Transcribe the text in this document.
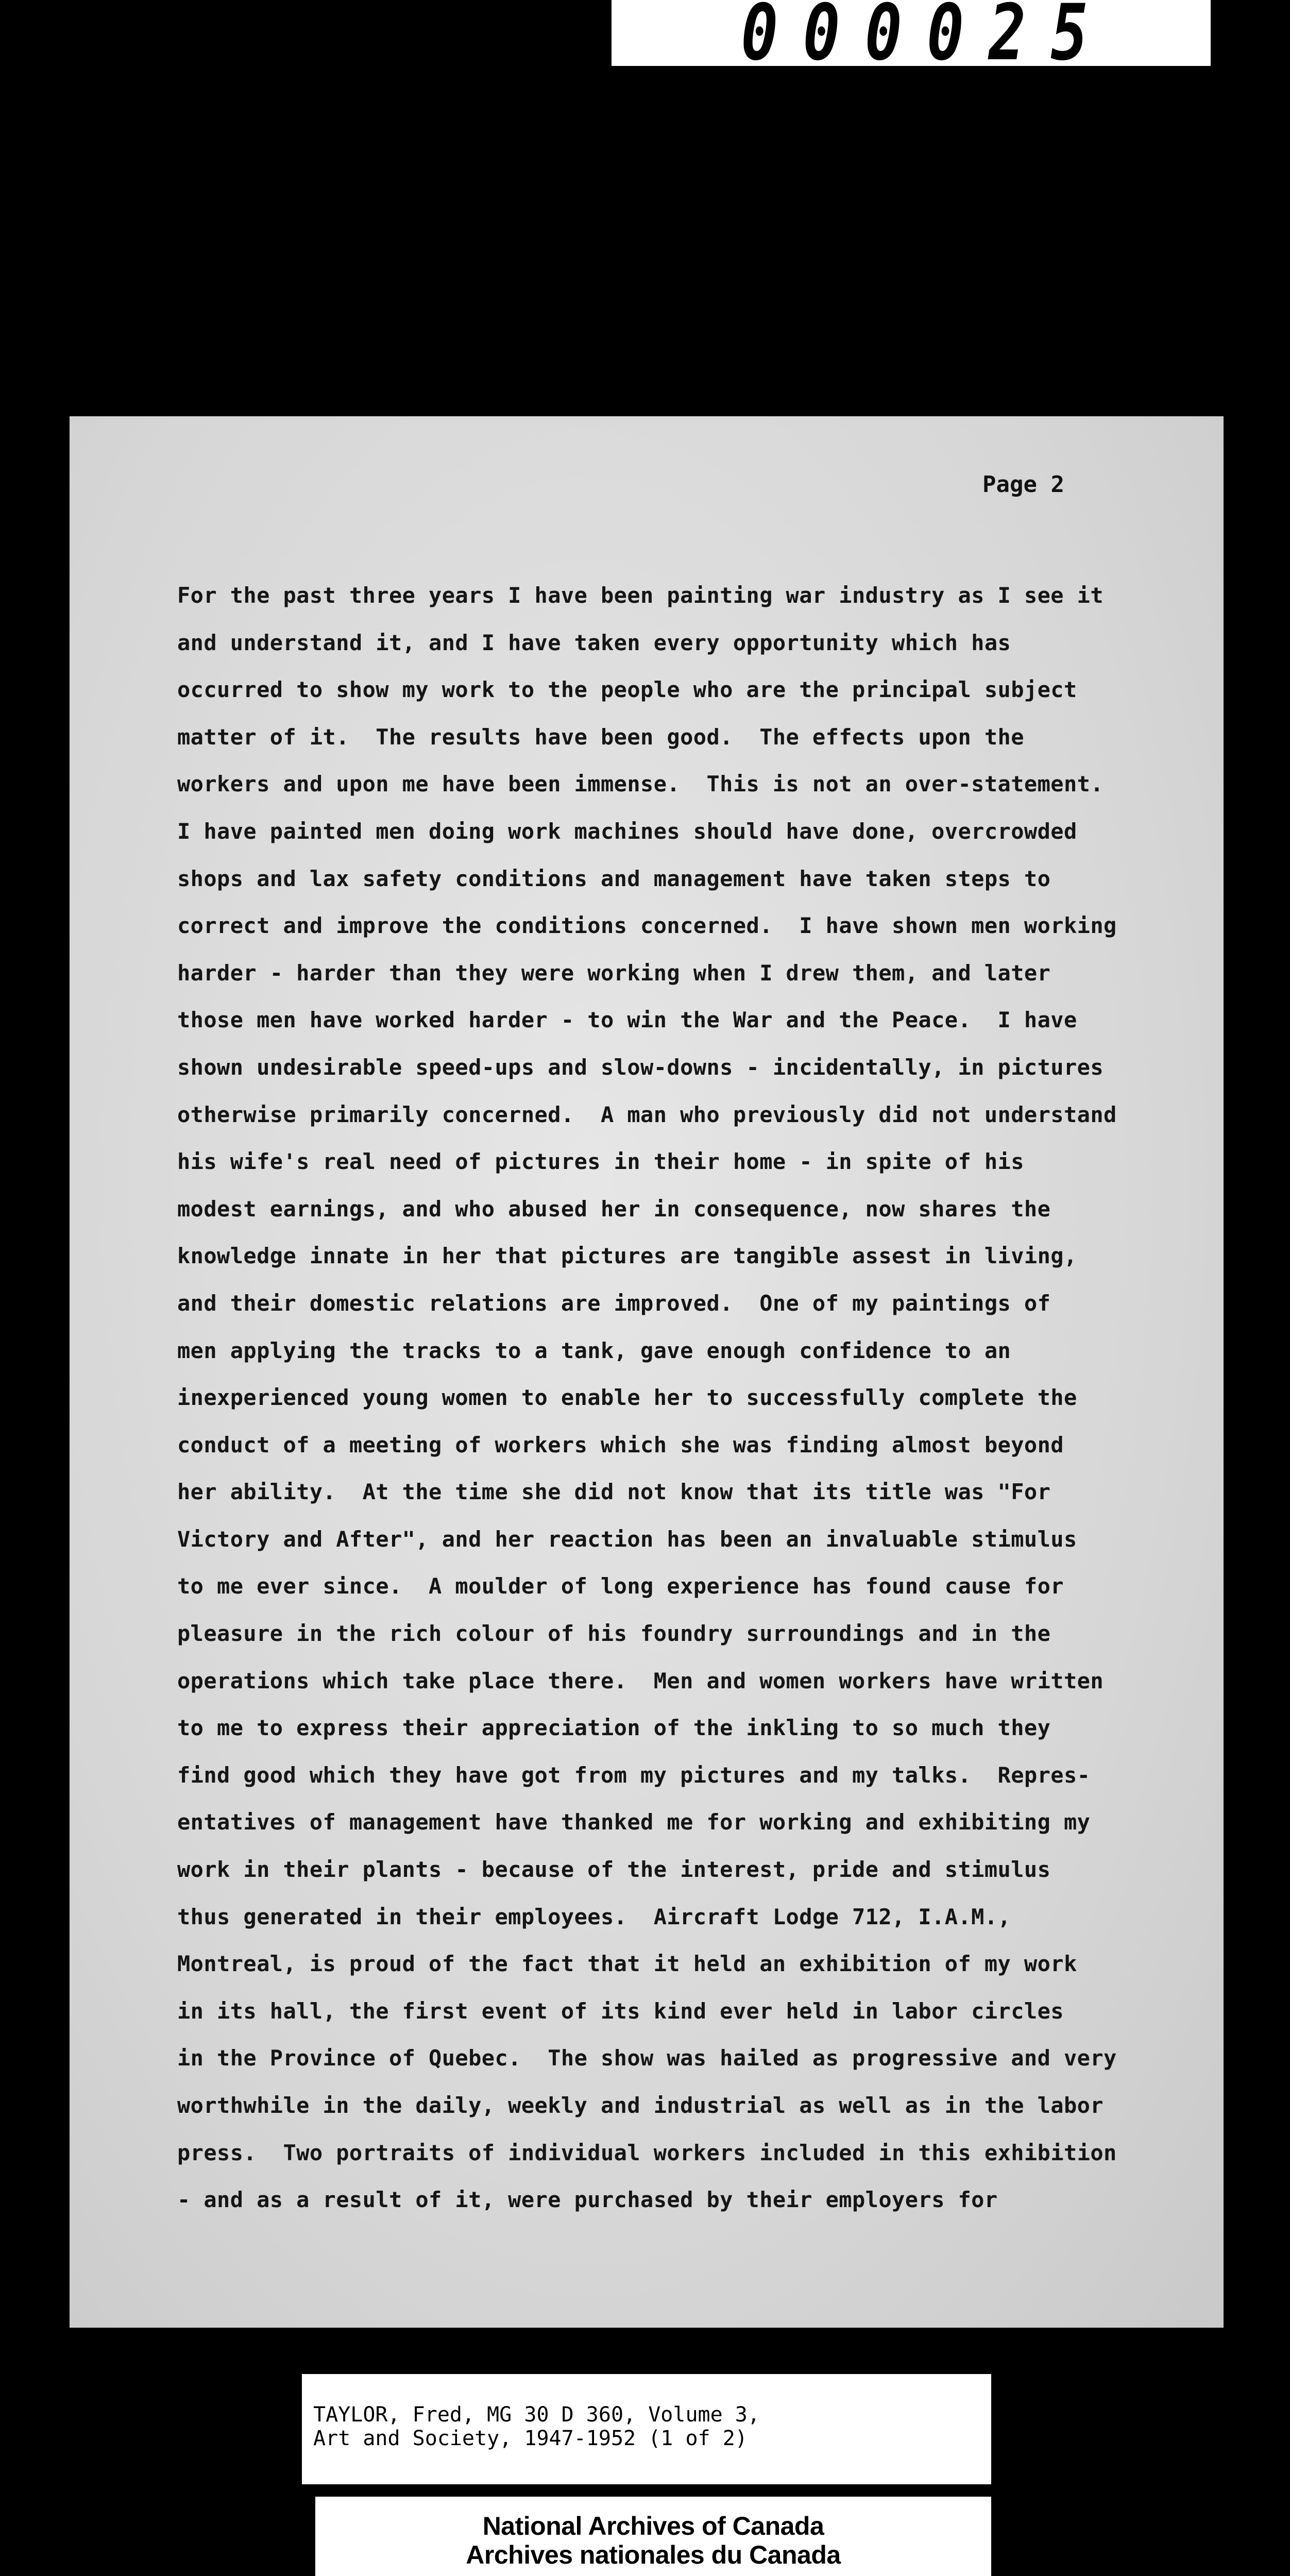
000025
Page 2
For the past three years I have been painting war industry as I see it
and understand it, and I have taken every opportunity which has
occurred to show my work to the people who are the principal subject
matter of it.  The results have been good.  The effects upon the
workers and upon me have been immense.  This is not an over-statement.
I have painted men doing work machines should have done, overcrowded
shops and lax safety conditions and management have taken steps to
correct and improve the conditions concerned.  I have shown men working
harder - harder than they were working when I drew them, and later
those men have worked harder - to win the War and the Peace.  I have
shown undesirable speed-ups and slow-downs - incidentally, in pictures
otherwise primarily concerned.  A man who previously did not understand
his wife's real need of pictures in their home - in spite of his
modest earnings, and who abused her in consequence, now shares the
knowledge innate in her that pictures are tangible assest in living,
and their domestic relations are improved.  One of my paintings of
men applying the tracks to a tank, gave enough confidence to an
inexperienced young women to enable her to successfully complete the
conduct of a meeting of workers which she was finding almost beyond
her ability.  At the time she did not know that its title was "For
Victory and After", and her reaction has been an invaluable stimulus
to me ever since.  A moulder of long experience has found cause for
pleasure in the rich colour of his foundry surroundings and in the
operations which take place there.  Men and women workers have written
to me to express their appreciation of the inkling to so much they
find good which they have got from my pictures and my talks.  Repres-
entatives of management have thanked me for working and exhibiting my
work in their plants - because of the interest, pride and stimulus
thus generated in their employees.  Aircraft Lodge 712, I.A.M.,
Montreal, is proud of the fact that it held an exhibition of my work
in its hall, the first event of its kind ever held in labor circles
in the Province of Quebec.  The show was hailed as progressive and very
worthwhile in the daily, weekly and industrial as well as in the labor
press.  Two portraits of individual workers included in this exhibition
- and as a result of it, were purchased by their employers for
TAYLOR, Fred, MG 30 D 360, Volume 3,
Art and Society, 1947-1952 (1 of 2)
National Archives of Canada
Archives nationales du Canada
